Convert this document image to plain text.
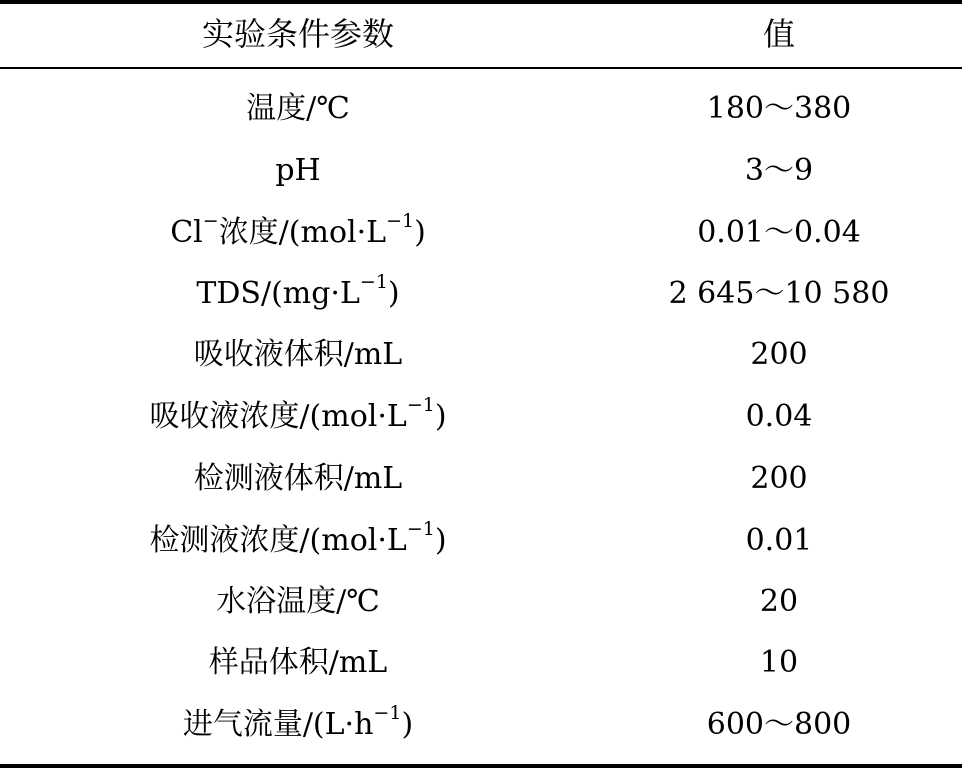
实验条件参数	值
温度/℃	180～380
pH	3～9
Cl−浓度$/(mol\cdot L^{-1})$	0.01～0.04
TDS/$(mg\cdot L^{-1})$	2 645～10 580
吸收液体积/mL	200
吸收液浓度$/(mol\cdot L^{-1})$	0.04
检测液体积/mL	200
检测液浓度$/(mol\cdot L^{-1})$	0.01
水浴温度/℃	20
样品体积/mL	10
进气流量$/(L\cdot h^{-1})$	600～800
